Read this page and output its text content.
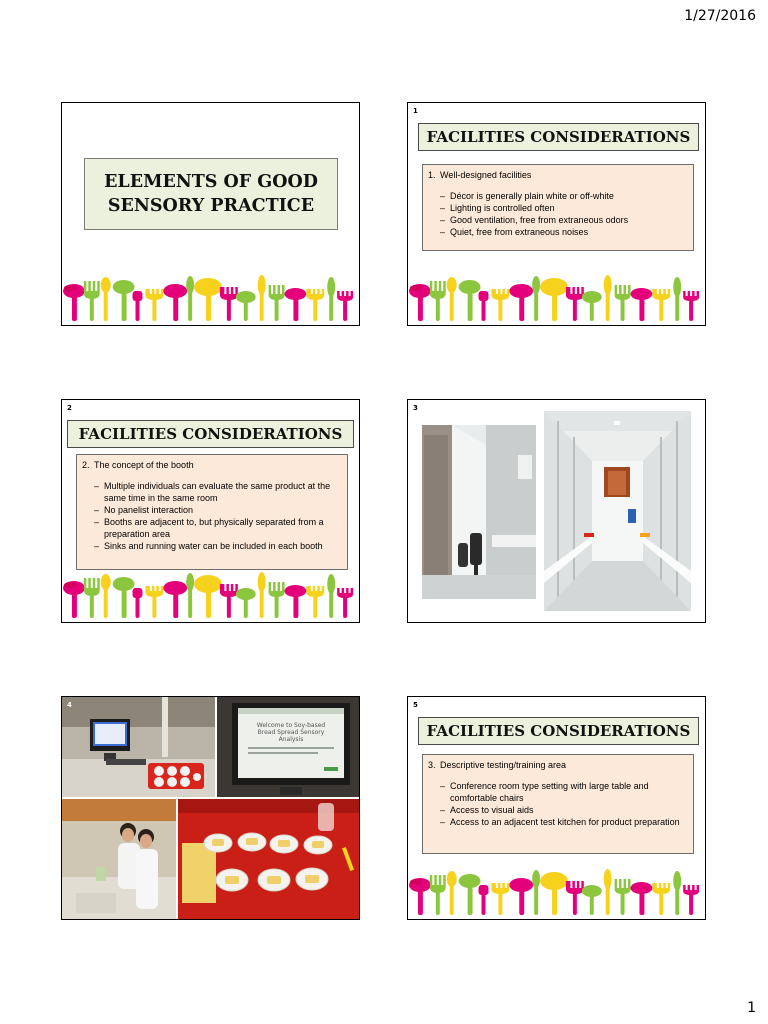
1/27/2016
ELEMENTS OF GOOD
SENSORY PRACTICE
1
FACILITIES CONSIDERATIONS
1. Well-designed facilities
– Décor is generally plain white or off-white
– Lighting is controlled often
– Good ventilation, free from extraneous odors
– Quiet, free from extraneous noises
2
FACILITIES CONSIDERATIONS
2. The concept of the booth
– Multiple individuals can evaluate the same product at the same time in the same room
– No panelist interaction
– Booths are adjacent to, but physically separated from a preparation area
– Sinks and running water can be included in each booth
3
Welcome to Soy-based
Bread Spread Sensory
Analysis
4	5
FACILITIES CONSIDERATIONS
3. Descriptive testing/training area
– Conference room type setting with large table and comfortable chairs
– Access to visual aids
– Access to an adjacent test kitchen for product preparation
1
